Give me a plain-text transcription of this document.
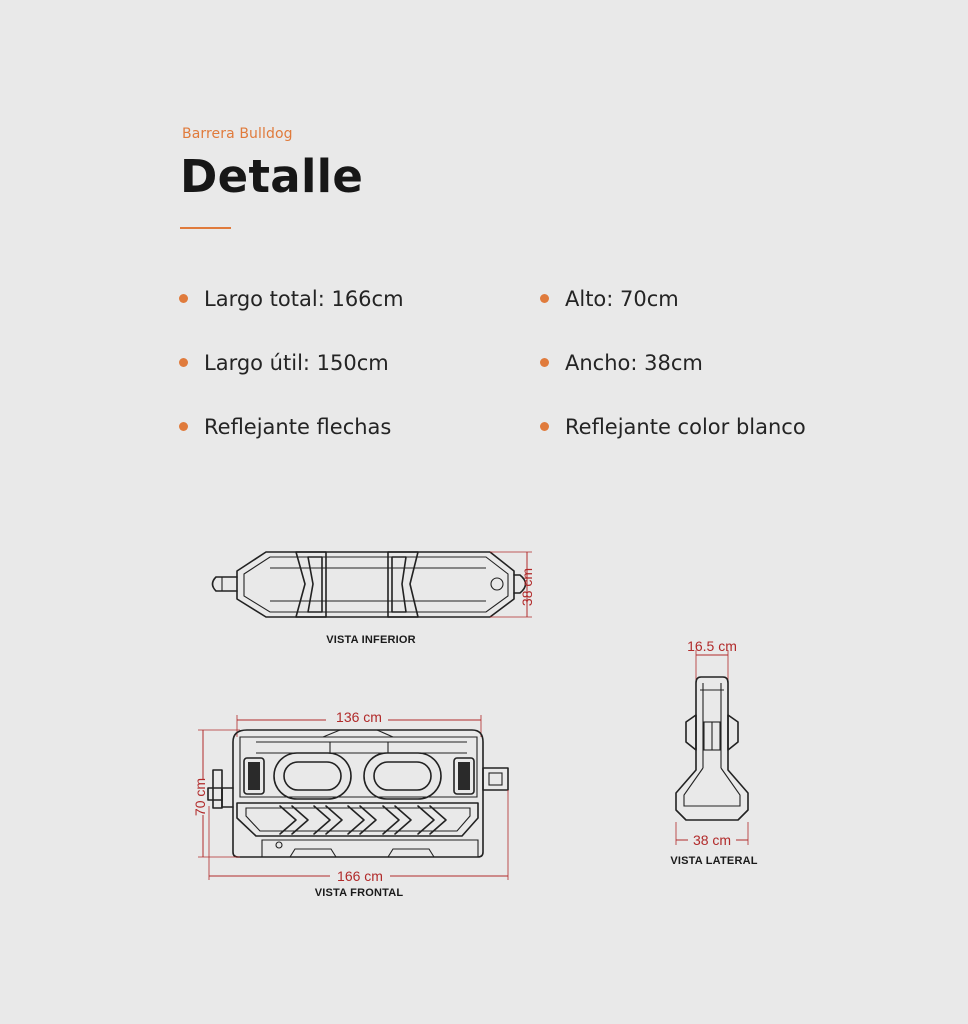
Barrera Bulldog
Detalle
Largo total: 166cm	Alto: 70cm
Largo útil: 150cm	Ancho: 38cm
Reflejante flechas	Reflejante color blanco
38 cm
VISTA INFERIOR
136 cm
70 cm
166 cm
VISTA FRONTAL
16.5 cm
38 cm
VISTA LATERAL
